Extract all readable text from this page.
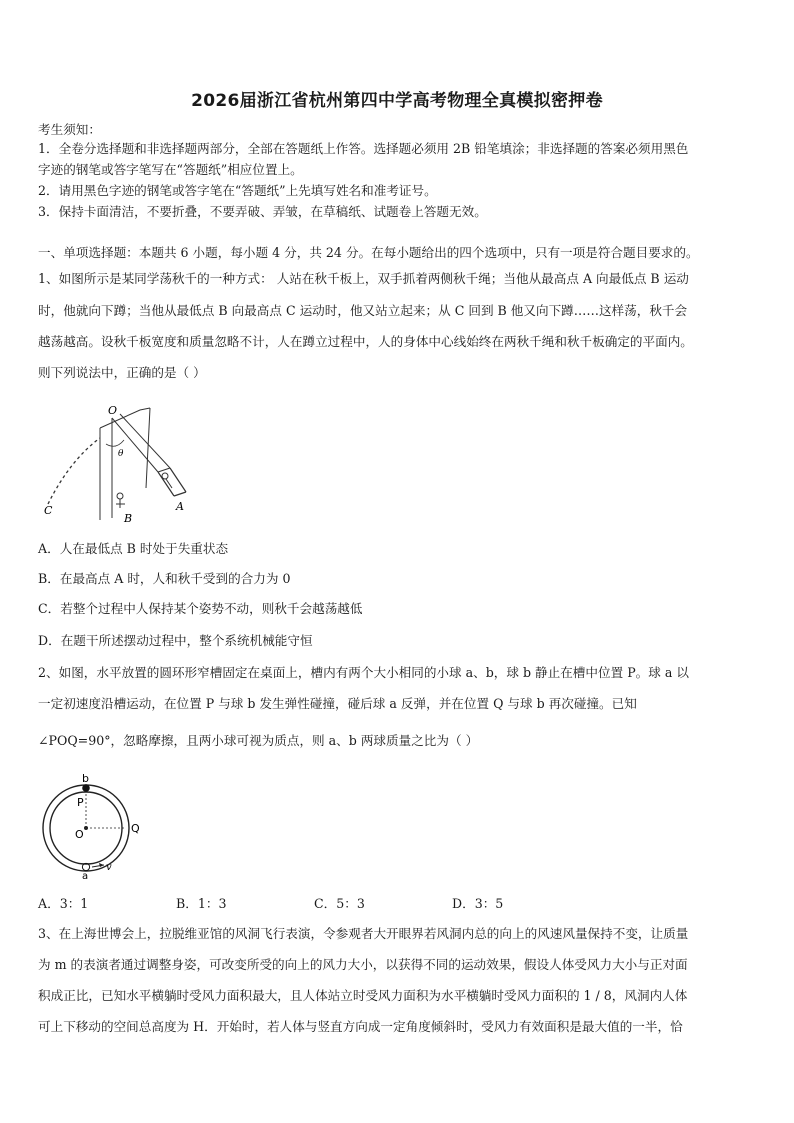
2026届浙江省杭州第四中学高考物理全真模拟密押卷
考生须知：
1．全卷分选择题和非选择题两部分，全部在答题纸上作答。选择题必须用 2B 铅笔填涂；非选择题的答案必须用黑色
字迹的钢笔或答字笔写在“答题纸”相应位置上。
2．请用黑色字迹的钢笔或答字笔在“答题纸”上先填写姓名和准考证号。
3．保持卡面清洁，不要折叠，不要弄破、弄皱，在草稿纸、试题卷上答题无效。
一、单项选择题：本题共 6 小题，每小题 4 分，共 24 分。在每小题给出的四个选项中，只有一项是符合题目要求的。
1、如图所示是某同学荡秋千的一种方式： 人站在秋千板上，双手抓着两侧秋千绳；当他从最高点 A 向最低点 B 运动
时，他就向下蹲；当他从最低点 B 向最高点 C 运动时，他又站立起来；从 C 回到 B 他又向下蹲……这样荡，秋千会
越荡越高。设秋千板宽度和质量忽略不计，人在蹲立过程中，人的身体中心线始终在两秋千绳和秋千板确定的平面内。
则下列说法中，正确的是（ ）
O
θ
A
B
C
A．人在最低点 B 时处于失重状态
B．在最高点 A 时，人和秋千受到的合力为 0
C．若整个过程中人保持某个姿势不动，则秋千会越荡越低
D．在题干所述摆动过程中，整个系统机械能守恒
2、如图，水平放置的圆环形窄槽固定在桌面上，槽内有两个大小相同的小球 a、b，球 b 静止在槽中位置 P。球 a 以
一定初速度沿槽运动，在位置 P 与球 b 发生弹性碰撞，碰后球 a 反弹，并在位置 Q 与球 b 再次碰撞。已知
∠POQ=90°，忽略摩擦，且两小球可视为质点，则 a、b 两球质量之比为（ ）
b
P
O	Q
a
v
A．3：1	B．1：3	C．5：3	D．3：5
3、在上海世博会上，拉脱维亚馆的风洞飞行表演，令参观者大开眼界若风洞内总的向上的风速风量保持不变，让质量
为 m 的表演者通过调整身姿，可改变所受的向上的风力大小，以获得不同的运动效果，假设人体受风力大小与正对面
积成正比，已知水平横躺时受风力面积最大，且人体站立时受风力面积为水平横躺时受风力面积的 1 / 8，风洞内人体
可上下移动的空间总高度为 H．开始时，若人体与竖直方向成一定角度倾斜时，受风力有效面积是最大值的一半，恰
